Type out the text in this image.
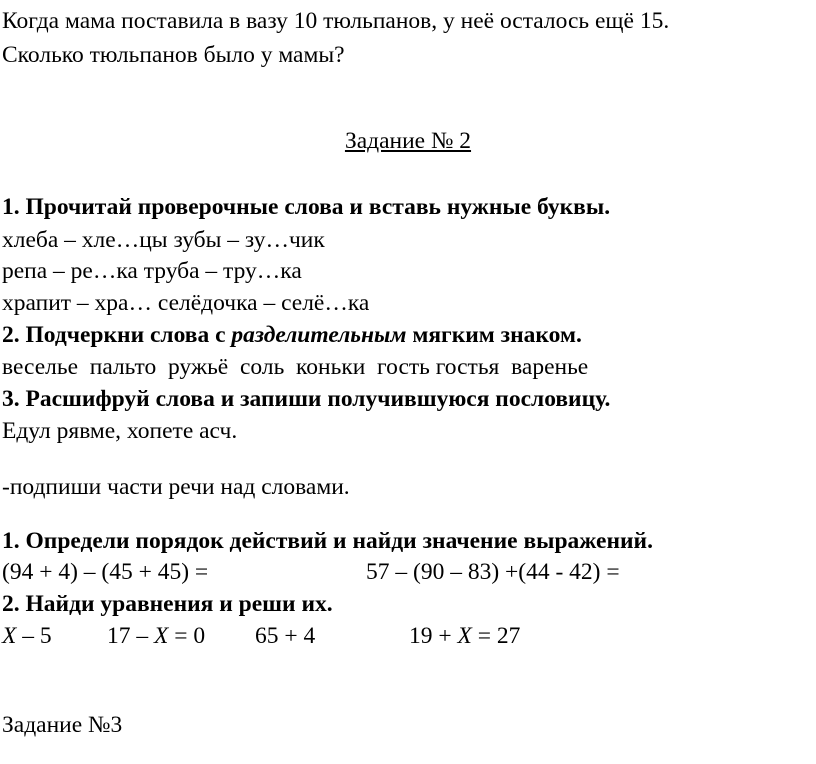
Когда мама поставила в вазу 10 тюльпанов, у неё осталось ещё 15.
Сколько тюльпанов было у мамы?
Задание № 2
1. Прочитай проверочные слова и вставь нужные буквы.
хлеба – хле…цы зубы – зу…чик
репа – ре…ка труба – тру…ка
храпит – хра… селёдочка – селё…ка
2. Подчеркни слова с разделительным мягким знаком.
веселье  пальто  ружьё  соль  коньки  гость гостья  варенье
3. Расшифруй слова и запиши получившуюся пословицу.
Едул рявме, хопете асч.
-подпиши части речи над словами.
1. Определи порядок действий и найди значение выражений.
(94 + 4) – (45 + 45) =	57 – (90 – 83) +(44 - 42) =
2. Найди уравнения и реши их.
Х – 5 17 – Х = 0 65 + 4	19 + Х = 27
Задание №3
